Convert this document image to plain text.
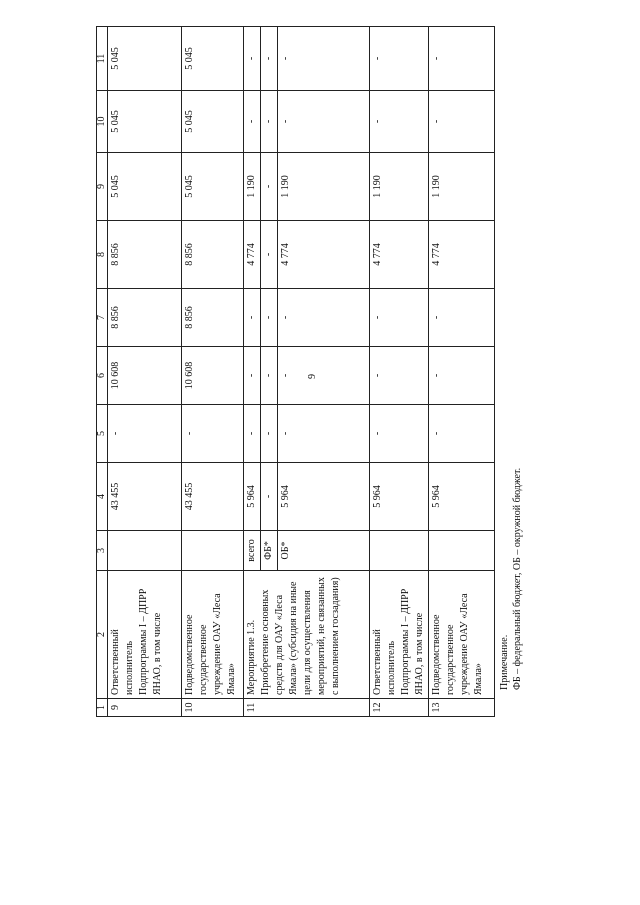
9
1	2	3	4	5	6	7	8	9	10	11
9	Ответственный исполнитель Подпрограммы I – ДПРР ЯНАО, в том числе		43 455	-	10 608	8 856	8 856	5 045	5 045	5 045
10	Подведомственное государственное учреждение ОАУ «Леса Ямала»		43 455	-	10 608	8 856	8 856	5 045	5 045	5 045
11	Мероприятие 1.3. Приобретение основных средств для ОАУ «Леса Ямала» (субсидия на иные цели для осуществления мероприятий, не связанных с выполнением госзадания)	всего	5 964	-	-	-	4 774	1 190	-	-
		ФБ*	-	-	-	-	-	-	-	-
		ОБ*	5 964	-	-	-	4 774	1 190	-	-
12	Ответственный исполнитель Подпрограммы I – ДПРР ЯНАО, в том числе		5 964	-	-	-	4 774	1 190	-	-
13	Подведомственное государственное учреждение ОАУ «Леса Ямала»		5 964	-	-	-	4 774	1 190	-	-
Примечание. ФБ – федеральный бюджет, ОБ – окружной бюджет.
